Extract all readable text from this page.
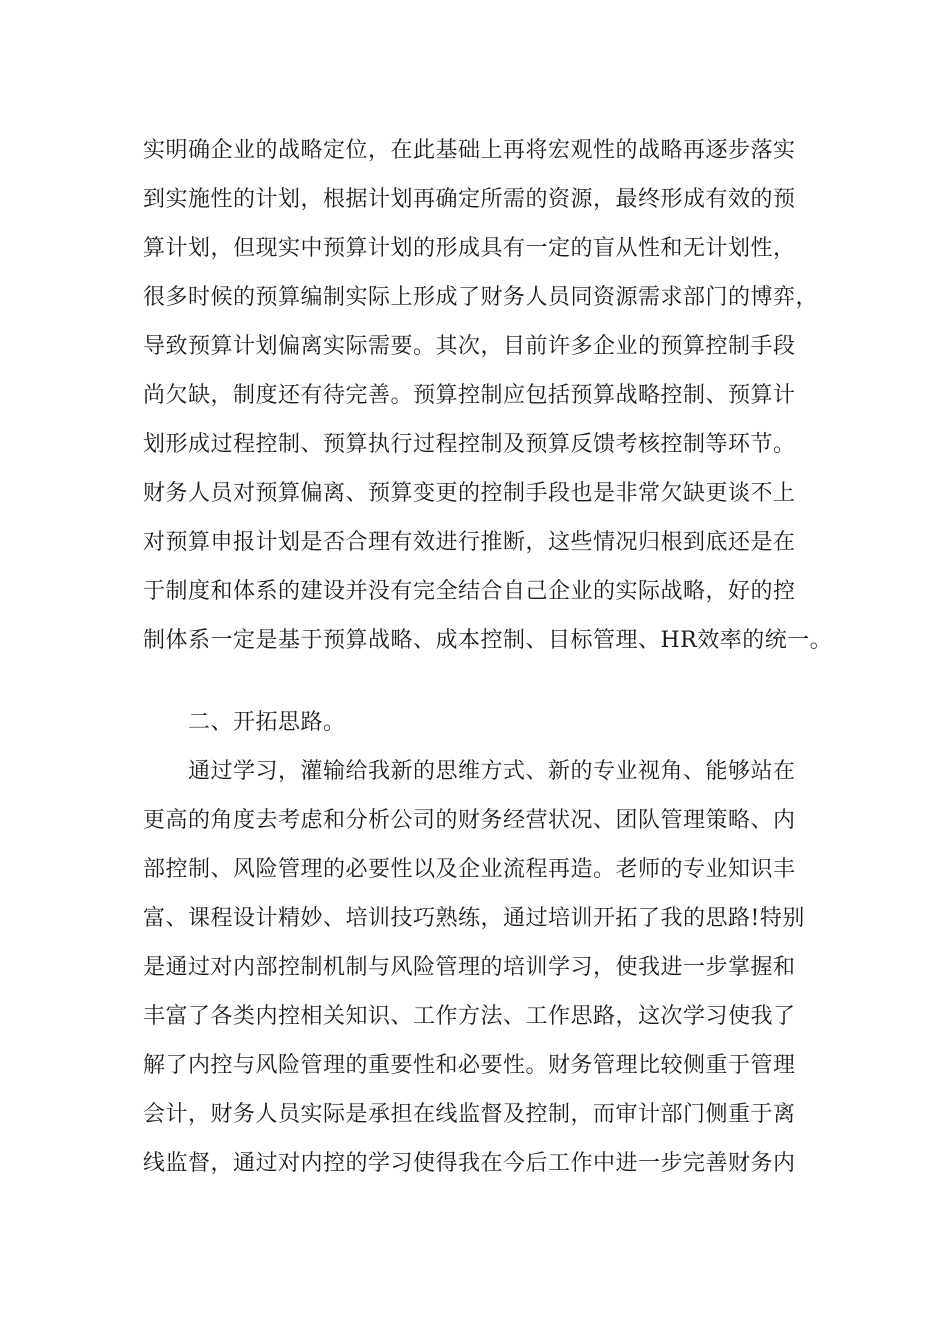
实明确企业的战略定位，在此基础上再将宏观性的战略再逐步落实

到实施性的计划，根据计划再确定所需的资源，最终形成有效的预

算计划，但现实中预算计划的形成具有一定的盲从性和无计划性，

很多时候的预算编制实际上形成了财务人员同资源需求部门的博弈，

导致预算计划偏离实际需要。其次，目前许多企业的预算控制手段

尚欠缺，制度还有待完善。预算控制应包括预算战略控制、预算计

划形成过程控制、预算执行过程控制及预算反馈考核控制等环节。

财务人员对预算偏离、预算变更的控制手段也是非常欠缺更谈不上

对预算申报计划是否合理有效进行推断，这些情况归根到底还是在

于制度和体系的建设并没有完全结合自己企业的实际战略，好的控

制体系一定是基于预算战略、成本控制、目标管理、HR效率的统一。

二、开拓思路。

通过学习，灌输给我新的思维方式、新的专业视角、能够站在

更高的角度去考虑和分析公司的财务经营状况、团队管理策略、内

部控制、风险管理的必要性以及企业流程再造。老师的专业知识丰

富、课程设计精妙、培训技巧熟练，通过培训开拓了我的思路!特别

是通过对内部控制机制与风险管理的培训学习，使我进一步掌握和

丰富了各类内控相关知识、工作方法、工作思路，这次学习使我了

解了内控与风险管理的重要性和必要性。财务管理比较侧重于管理

会计，财务人员实际是承担在线监督及控制，而审计部门侧重于离

线监督，通过对内控的学习使得我在今后工作中进一步完善财务内
